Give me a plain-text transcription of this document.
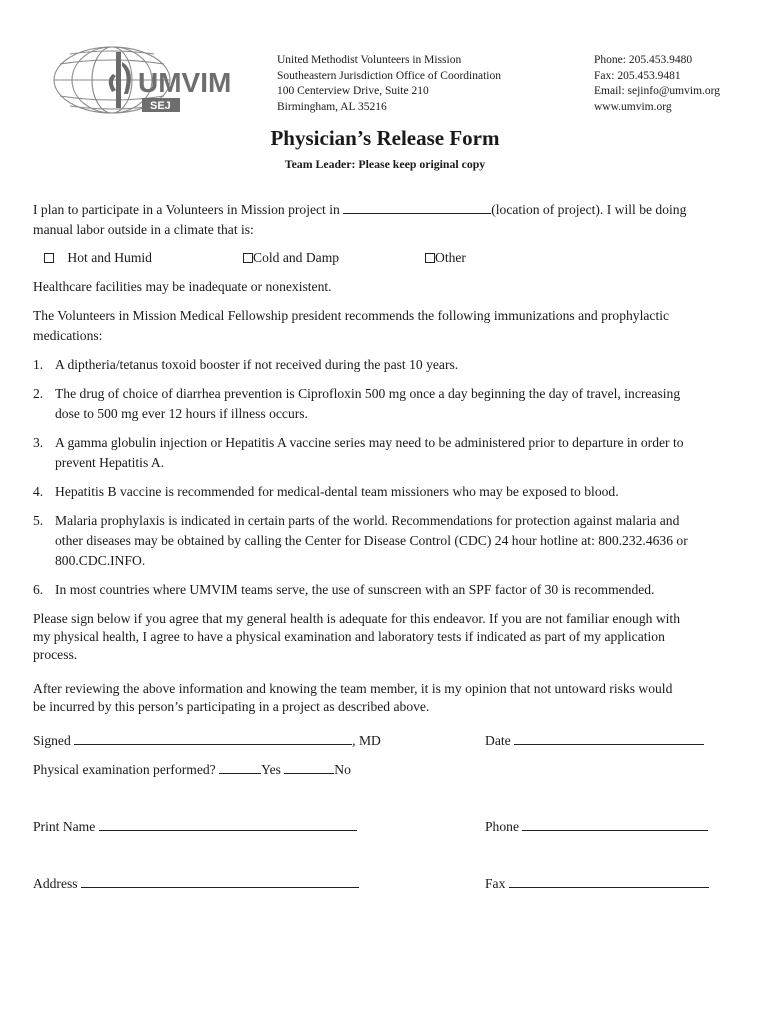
UMVIM
SEJ
United Methodist Volunteers in Mission
Southeastern Jurisdiction Office of Coordination
100 Centerview Drive, Suite 210
Birmingham, AL 35216
Phone: 205.453.9480
Fax: 205.453.9481
Email: sejinfo@umvim.org
www.umvim.org
Physician’s Release Form
Team Leader: Please keep original copy
I plan to participate in a Volunteers in Mission project in	(location of project). I will be doing
manual labor outside in a climate that is:
Hot and Humid	Cold and Damp	Other
Healthcare facilities may be inadequate or nonexistent.
The Volunteers in Mission Medical Fellowship president recommends the following immunizations and prophylactic
medications:
1. A diptheria/tetanus toxoid booster if not received during the past 10 years.
2. The drug of choice of diarrhea prevention is Ciprofloxin 500 mg once a day beginning the day of travel, increasing
dose to 500 mg ever 12 hours if illness occurs.
3. A gamma globulin injection or Hepatitis A vaccine series may need to be administered prior to departure in order to
prevent Hepatitis A.
4. Hepatitis B vaccine is recommended for medical-dental team missioners who may be exposed to blood.
5. Malaria prophylaxis is indicated in certain parts of the world. Recommendations for protection against malaria and
other diseases may be obtained by calling the Center for Disease Control (CDC) 24 hour hotline at: 800.232.4636 or
800.CDC.INFO.
6. In most countries where UMVIM teams serve, the use of sunscreen with an SPF factor of 30 is recommended.
Please sign below if you agree that my general health is adequate for this endeavor. If you are not familiar enough with
my physical health, I agree to have a physical examination and laboratory tests if indicated as part of my application
process.
After reviewing the above information and knowing the team member, it is my opinion that not untoward risks would
be incurred by this person’s participating in a project as described above.
Signed	, MD	Date
Physical examination performed?	Yes	No
Print Name	Phone
Address	Fax
